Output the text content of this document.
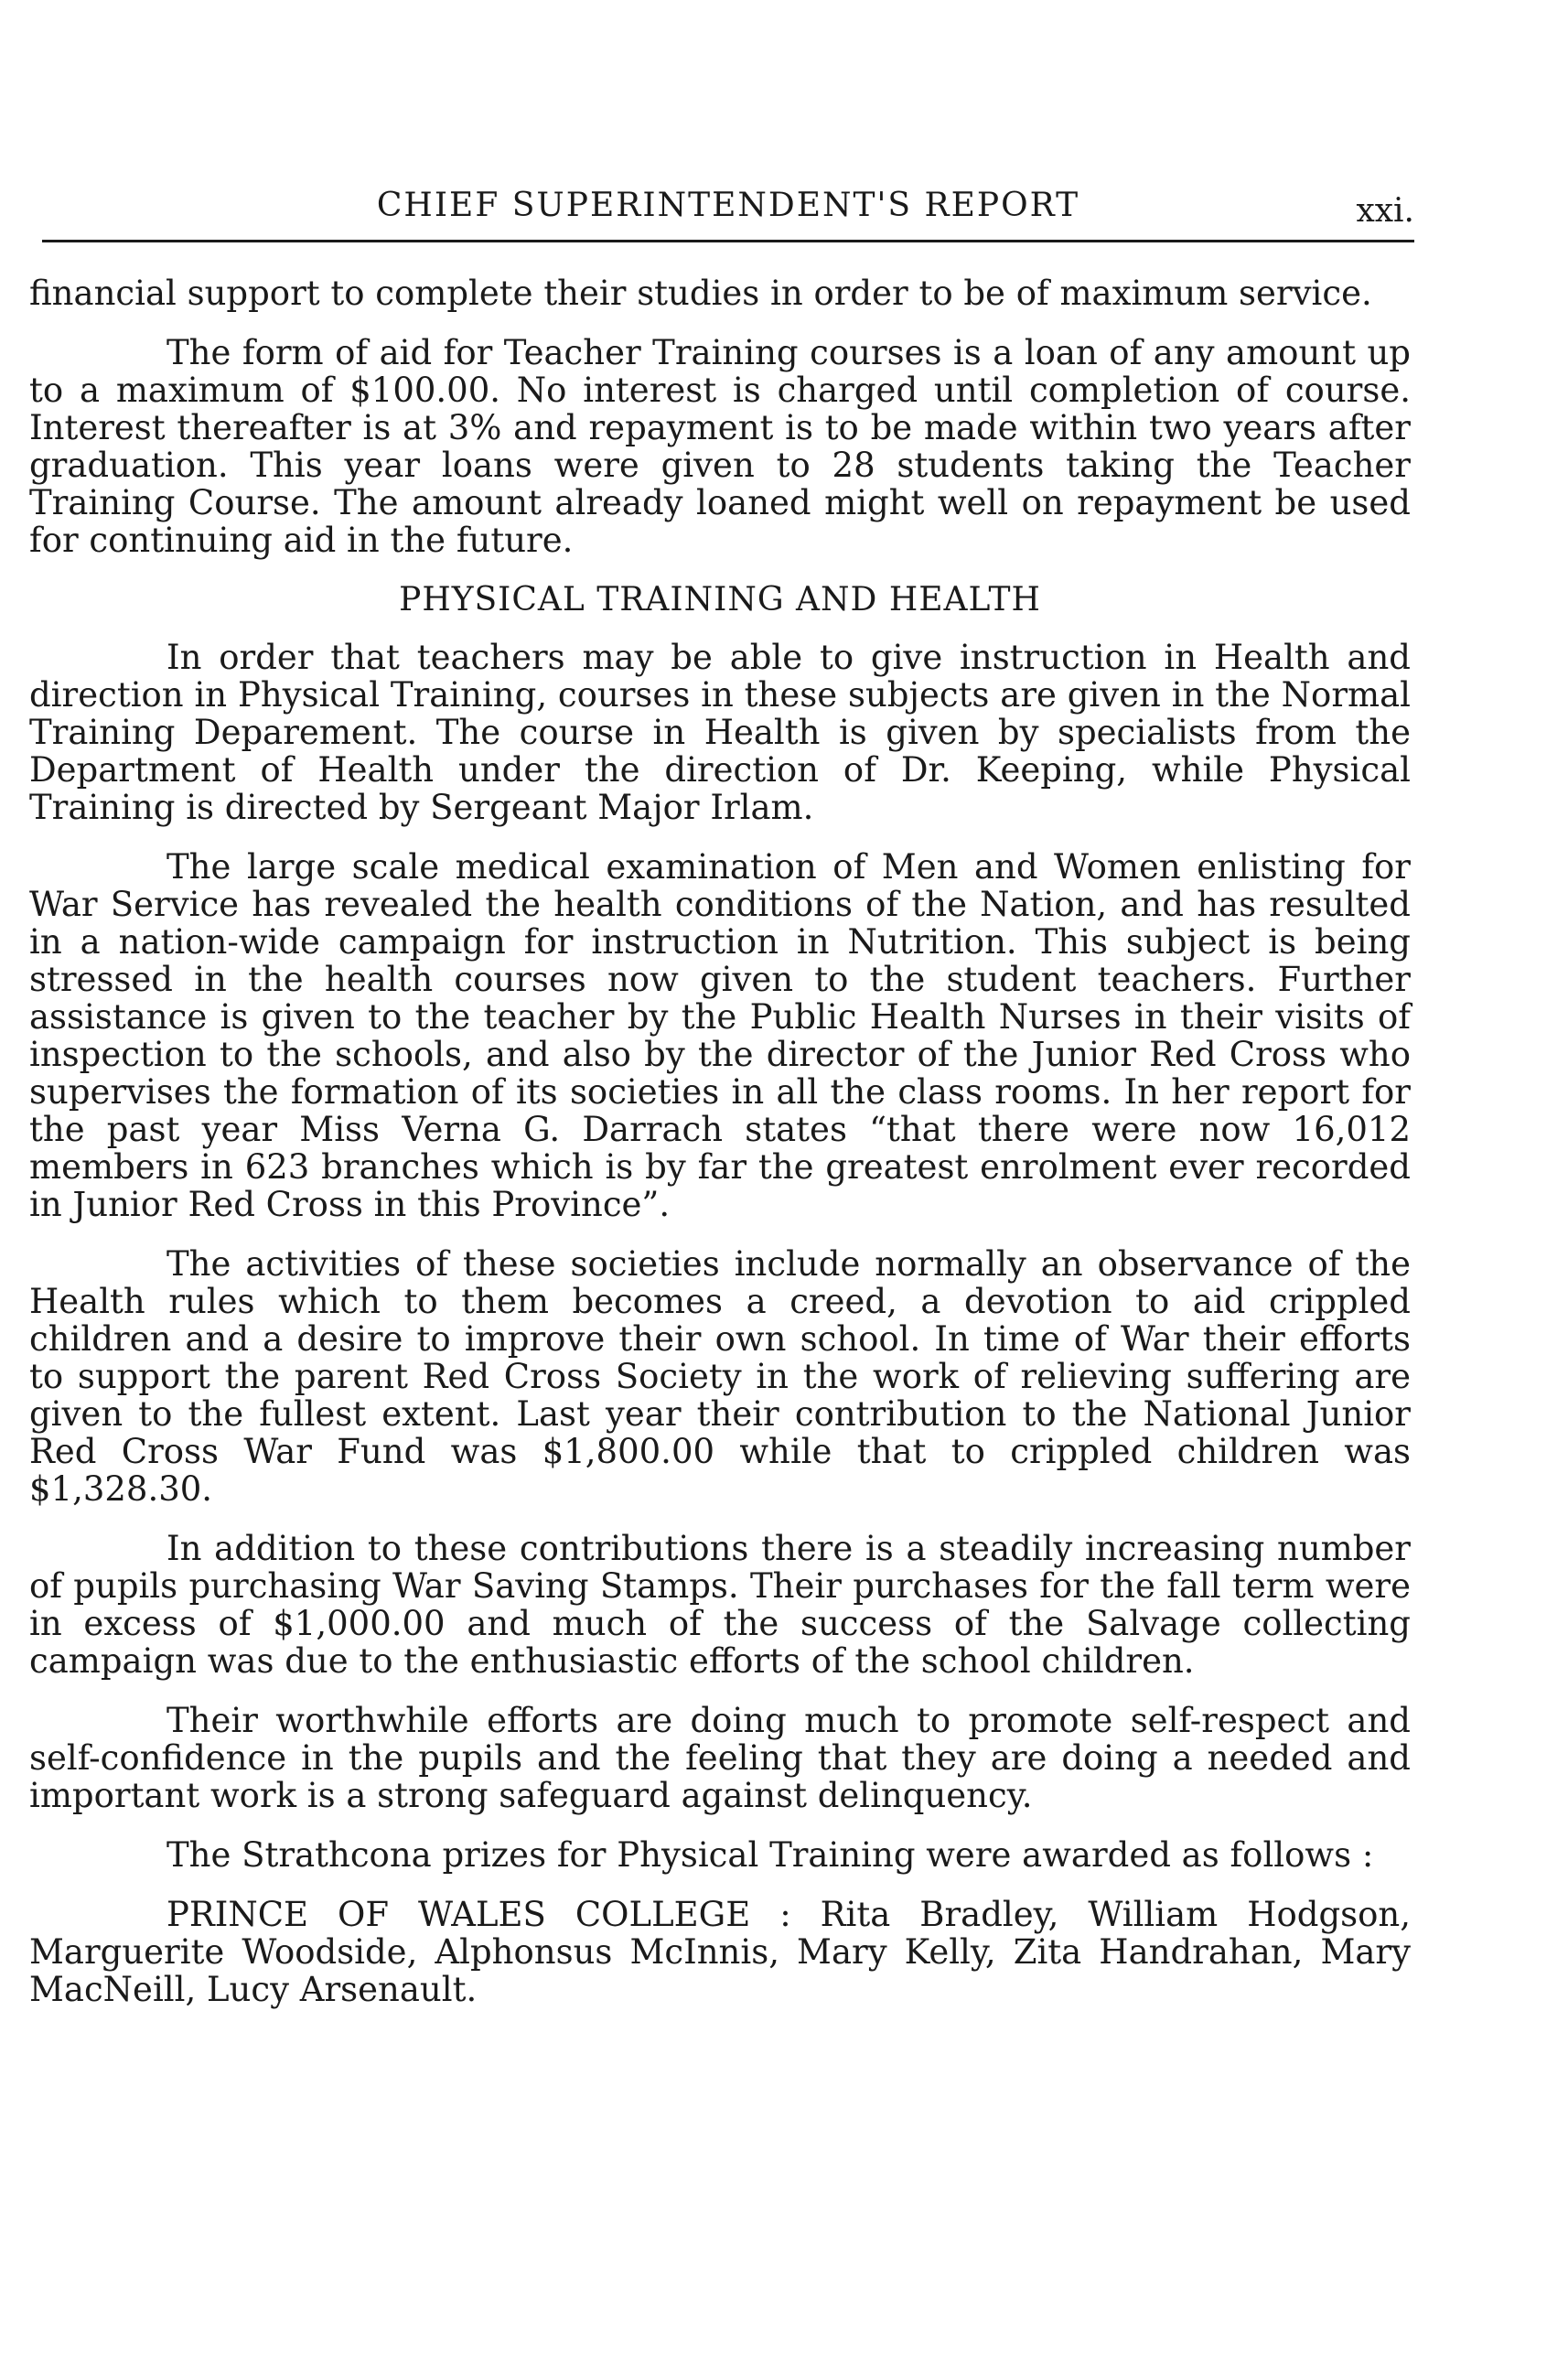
CHIEF SUPERINTENDENT'S REPORT	xxi.

financial support to complete their studies in order to be of maximum service.

The form of aid for Teacher Training courses is a loan of any amount up to a maximum of $100.00. No interest is charged until completion of course. Interest thereafter is at 3% and repayment is to be made within two years after graduation. This year loans were given to 28 students taking the Teacher Training Course. The amount already loaned might well on repayment be used for continuing aid in the future.

PHYSICAL TRAINING AND HEALTH

In order that teachers may be able to give instruction in Health and direction in Physical Training, courses in these subjects are given in the Normal Training Deparement. The course in Health is given by specialists from the Department of Health under the direction of Dr. Keeping, while Physical Training is directed by Sergeant Major Irlam.

The large scale medical examination of Men and Women enlisting for War Service has revealed the health conditions of the Nation, and has resulted in a nation-wide campaign for instruction in Nutrition. This subject is being stressed in the health courses now given to the student teachers. Further assistance is given to the teacher by the Public Health Nurses in their visits of inspection to the schools, and also by the director of the Junior Red Cross who supervises the formation of its societies in all the class rooms. In her report for the past year Miss Verna G. Darrach states “that there were now 16,012 members in 623 branches which is by far the greatest enrolment ever recorded in Junior Red Cross in this Province”.

The activities of these societies include normally an observance of the Health rules which to them becomes a creed, a devotion to aid crippled children and a desire to improve their own school. In time of War their efforts to support the parent Red Cross Society in the work of relieving suffering are given to the fullest extent. Last year their contribution to the National Junior Red Cross War Fund was $1,800.00 while that to crippled children was $1,328.30.

In addition to these contributions there is a steadily increasing number of pupils purchasing War Saving Stamps. Their purchases for the fall term were in excess of $1,000.00 and much of the success of the Salvage collecting campaign was due to the enthusiastic efforts of the school children.

Their worthwhile efforts are doing much to promote self-respect and self-confidence in the pupils and the feeling that they are doing a needed and important work is a strong safeguard against delinquency.

The Strathcona prizes for Physical Training were awarded as follows :

PRINCE OF WALES COLLEGE : Rita Bradley, William Hodgson, Marguerite Woodside, Alphonsus McInnis, Mary Kelly, Zita Handrahan, Mary MacNeill, Lucy Arsenault.
